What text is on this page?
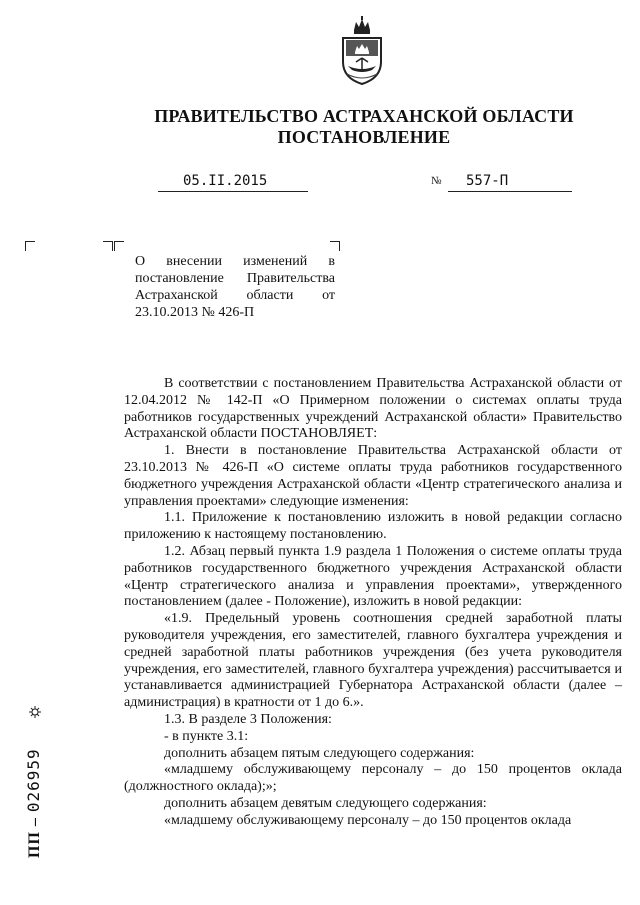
ПРАВИТЕЛЬСТВО АСТРАХАНСКОЙ ОБЛАСТИ
ПОСТАНОВЛЕНИЕ
05.II.2015	№ 557-П
О внесении изменений в постановление Правительства Астраханской области от 23.10.2013 № 426-П

В соответствии с постановлением Правительства Астраханской области от 12.04.2012 № 142-П «О Примерном положении о системах оплаты труда работников государственных учреждений Астраханской области» Правительство Астраханской области ПОСТАНОВЛЯЕТ:

1. Внести в постановление Правительства Астраханской области от 23.10.2013 № 426-П «О системе оплаты труда работников государственного бюджетного учреждения Астраханской области «Центр стратегического анализа и управления проектами» следующие изменения:

1.1. Приложение к постановлению изложить в новой редакции согласно приложению к настоящему постановлению.

1.2. Абзац первый пункта 1.9 раздела 1 Положения о системе оплаты труда работников государственного бюджетного учреждения Астраханской области «Центр стратегического анализа и управления проектами», утвержденного постановлением (далее - Положение), изложить в новой редакции:

«1.9. Предельный уровень соотношения средней заработной платы руководителя учреждения, его заместителей, главного бухгалтера учреждения и средней заработной платы работников учреждения (без учета руководителя учреждения, его заместителей, главного бухгалтера учреждения) рассчитывается и устанавливается администрацией Губернатора Астраханской области (далее – администрация) в кратности от 1 до 6.».

1.3. В разделе 3 Положения:

- в пункте 3.1:

дополнить абзацем пятым следующего содержания:

«младшему обслуживающему персоналу – до 150 процентов оклада (должностного оклада);»;

дополнить абзацем девятым следующего содержания:

«младшему обслуживающему персоналу – до 150 процентов оклада

ПП – 026959
